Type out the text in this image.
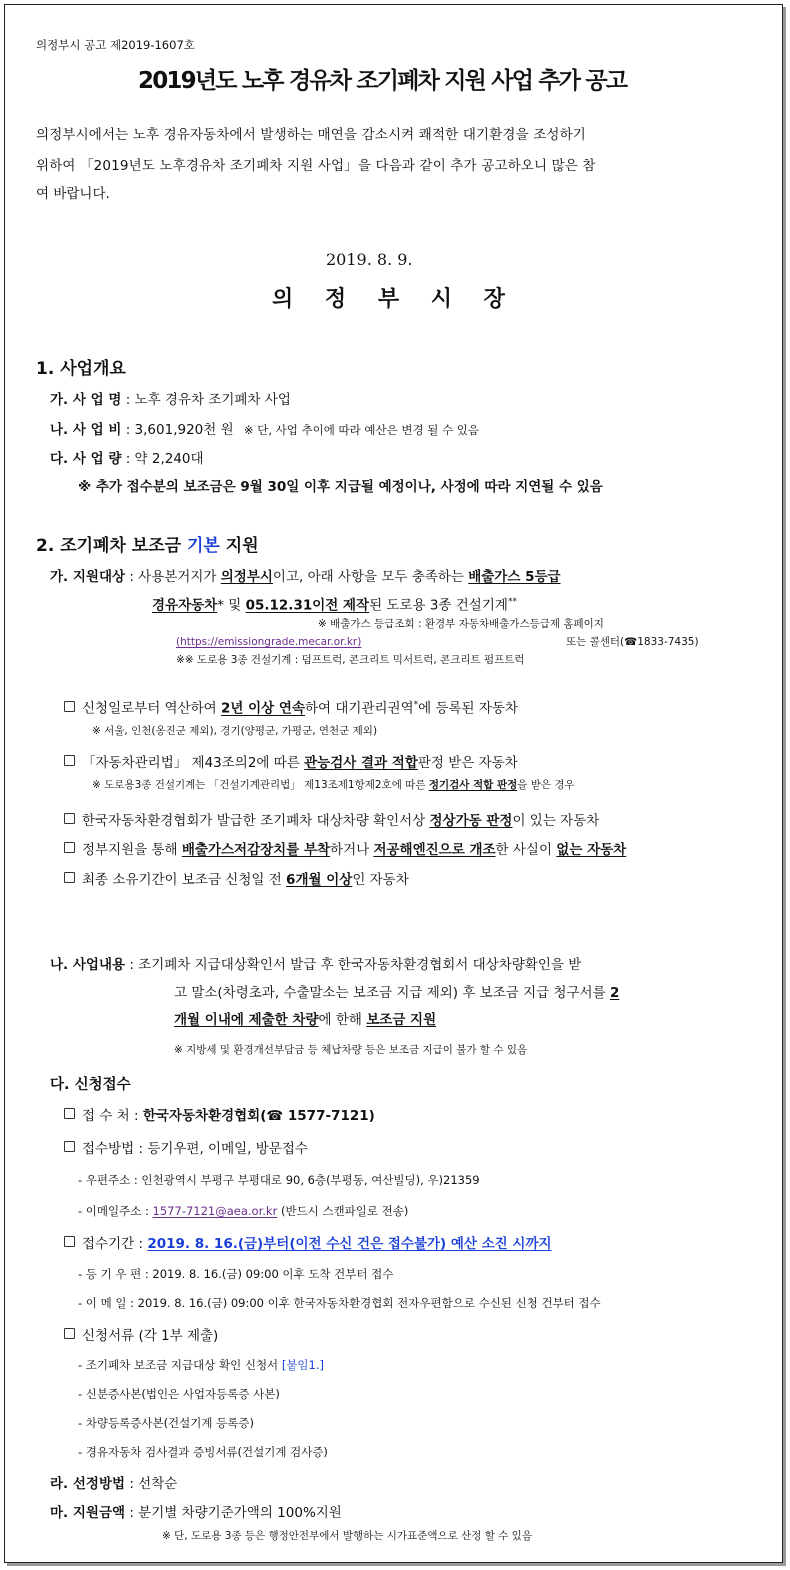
의정부시 공고 제2019-1607호
2019년도 노후 경유차 조기폐차 지원 사업 추가 공고
의정부시에서는 노후 경유자동차에서 발생하는 매연을 감소시켜 쾌적한 대기환경을 조성하기
위하여 「2019년도 노후경유차 조기폐차 지원 사업」을 다음과 같이 추가 공고하오니 많은 참
여 바랍니다.
2019. 8. 9.
의 정 부 시 장
1. 사업개요
가. 사 업 명 : 노후 경유차 조기폐차 사업
나. 사 업 비 : 3,601,920천 원 ※ 단, 사업 추이에 따라 예산은 변경 될 수 있음
다. 사 업 량 : 약 2,240대
※ 추가 접수분의 보조금은 9월 30일 이후 지급될 예정이나, 사정에 따라 지연될 수 있음
2. 조기폐차 보조금 기본 지원
가. 지원대상 : 사용본거지가 의정부시이고, 아래 사항을 모두 충족하는 배출가스 5등급
경유자동차* 및 05.12.31이전 제작된 도로용 3종 건설기계**
※ 배출가스 등급조회 : 환경부 자동차배출가스등급제 홈페이지
(https://emissiongrade.mecar.or.kr)	또는 콜센터(☎1833-7435)
※※ 도로용 3종 건설기계 : 덤프트럭, 콘크리트 믹서트럭, 콘크리트 펌프트럭
신청일로부터 역산하여 2년 이상 연속하여 대기관리권역*에 등록된 자동차
※ 서울, 인천(옹진군 제외), 경기(양평군, 가평군, 연천군 제외)
「자동차관리법」 제43조의2에 따른 관능검사 결과 적합판정 받은 자동차
※ 도로용3종 건설기계는 「건설기계관리법」 제13조제1항제2호에 따른 정기검사 적합 판정을 받은 경우
한국자동차환경협회가 발급한 조기폐차 대상차량 확인서상 정상가동 판정이 있는 자동차
정부지원을 통해 배출가스저감장치를 부착하거나 저공해엔진으로 개조한 사실이 없는 자동차
최종 소유기간이 보조금 신청일 전 6개월 이상인 자동차
나. 사업내용 : 조기폐차 지급대상확인서 발급 후 한국자동차환경협회서 대상차량확인을 받
고 말소(차령초과, 수출말소는 보조금 지급 제외) 후 보조금 지급 청구서를 2
개월 이내에 제출한 차량에 한해 보조금 지원
※ 지방세 및 환경개선부담금 등 체납차량 등은 보조금 지급이 불가 할 수 있음
다. 신청접수
접 수 처 : 한국자동차환경협회(☎ 1577-7121)
접수방법 : 등기우편, 이메일, 방문접수
- 우편주소 : 인천광역시 부평구 부평대로 90, 6층(부평동, 여산빌딩), 우)21359
- 이메일주소 : 1577-7121@aea.or.kr (반드시 스캔파일로 전송)
접수기간 : 2019. 8. 16.(금)부터(이전 수신 건은 접수불가) 예산 소진 시까지
- 등 기 우 편 : 2019. 8. 16.(금) 09:00 이후 도착 건부터 접수
- 이 메 일 : 2019. 8. 16.(금) 09:00 이후 한국자동차환경협회 전자우편함으로 수신된 신청 건부터 접수
신청서류 (각 1부 제출)
- 조기폐차 보조금 지급대상 확인 신청서 [붙임1.]
- 신분증사본(법인은 사업자등록증 사본)
- 차량등록증사본(건설기계 등록증)
- 경유자동차 검사결과 증빙서류(건설기계 검사증)
라. 선정방법 : 선착순
마. 지원금액 : 분기별 차량기준가액의 100%지원
※ 단, 도로용 3종 등은 행정안전부에서 발행하는 시가표준액으로 산정 할 수 있음
